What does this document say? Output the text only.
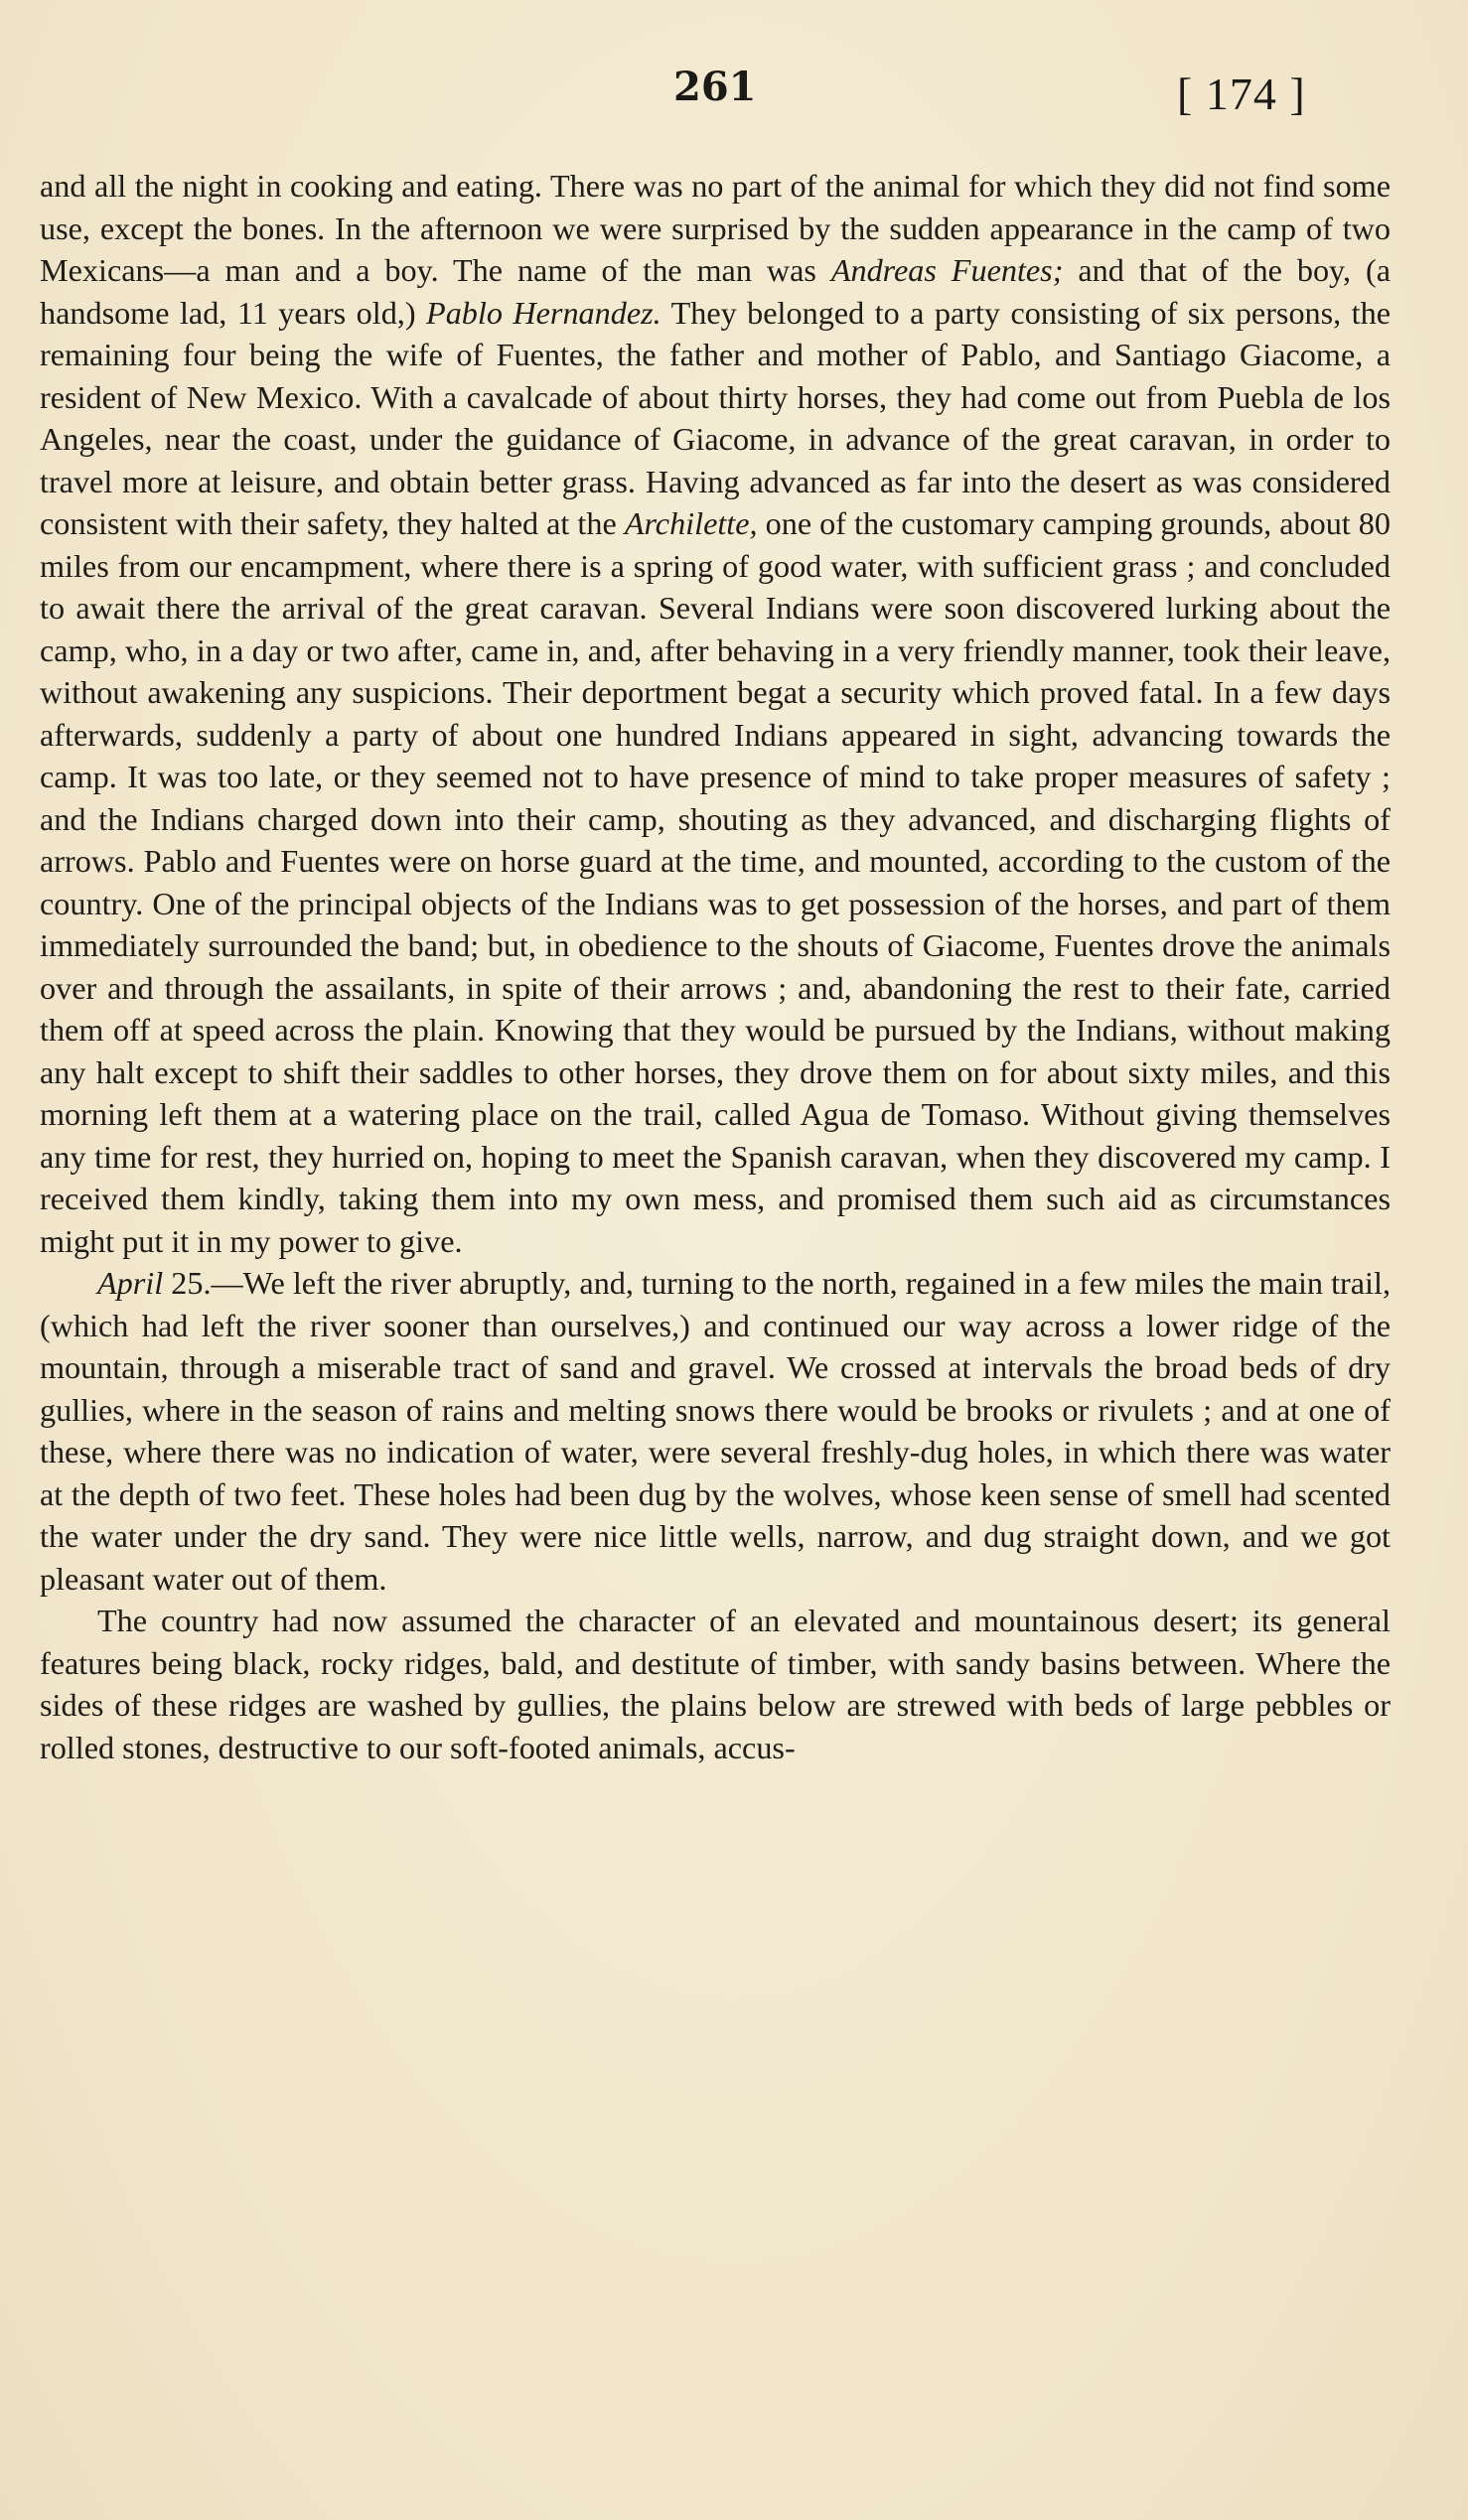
261	[ 174 ]

and all the night in cooking and eating. There was no part of the animal for which they did not find some use, except the bones. In the afternoon we were surprised by the sudden appearance in the camp of two Mexicans—a man and a boy. The name of the man was Andreas Fuentes; and that of the boy, (a handsome lad, 11 years old,) Pablo Hernandez. They belonged to a party consisting of six persons, the remaining four being the wife of Fuentes, the father and mother of Pablo, and Santiago Giacome, a resident of New Mexico. With a cavalcade of about thirty horses, they had come out from Puebla de los Angeles, near the coast, under the guidance of Giacome, in advance of the great caravan, in order to travel more at leisure, and obtain better grass. Having advanced as far into the desert as was considered consistent with their safety, they halted at the Archilette, one of the customary camping grounds, about 80 miles from our encampment, where there is a spring of good water, with sufficient grass ; and concluded to await there the arrival of the great caravan. Several Indians were soon discovered lurking about the camp, who, in a day or two after, came in, and, after behaving in a very friendly manner, took their leave, without awakening any suspicions. Their deportment begat a security which proved fatal. In a few days afterwards, suddenly a party of about one hundred Indians appeared in sight, advancing towards the camp. It was too late, or they seemed not to have presence of mind to take proper measures of safety ; and the Indians charged down into their camp, shouting as they advanced, and discharging flights of arrows. Pablo and Fuentes were on horse guard at the time, and mounted, according to the custom of the country. One of the principal objects of the Indians was to get possession of the horses, and part of them immediately surrounded the band; but, in obedience to the shouts of Giacome, Fuentes drove the animals over and through the assailants, in spite of their arrows ; and, abandoning the rest to their fate, carried them off at speed across the plain. Knowing that they would be pursued by the Indians, without making any halt except to shift their saddles to other horses, they drove them on for about sixty miles, and this morning left them at a watering place on the trail, called Agua de Tomaso. Without giving themselves any time for rest, they hurried on, hoping to meet the Spanish caravan, when they discovered my camp. I received them kindly, taking them into my own mess, and promised them such aid as circumstances might put it in my power to give.

April 25.—We left the river abruptly, and, turning to the north, regained in a few miles the main trail, (which had left the river sooner than ourselves,) and continued our way across a lower ridge of the mountain, through a miserable tract of sand and gravel. We crossed at intervals the broad beds of dry gullies, where in the season of rains and melting snows there would be brooks or rivulets ; and at one of these, where there was no indication of water, were several freshly-dug holes, in which there was water at the depth of two feet. These holes had been dug by the wolves, whose keen sense of smell had scented the water under the dry sand. They were nice little wells, narrow, and dug straight down, and we got pleasant water out of them.

The country had now assumed the character of an elevated and mountainous desert; its general features being black, rocky ridges, bald, and destitute of timber, with sandy basins between. Where the sides of these ridges are washed by gullies, the plains below are strewed with beds of large pebbles or rolled stones, destructive to our soft-footed animals, accus-
